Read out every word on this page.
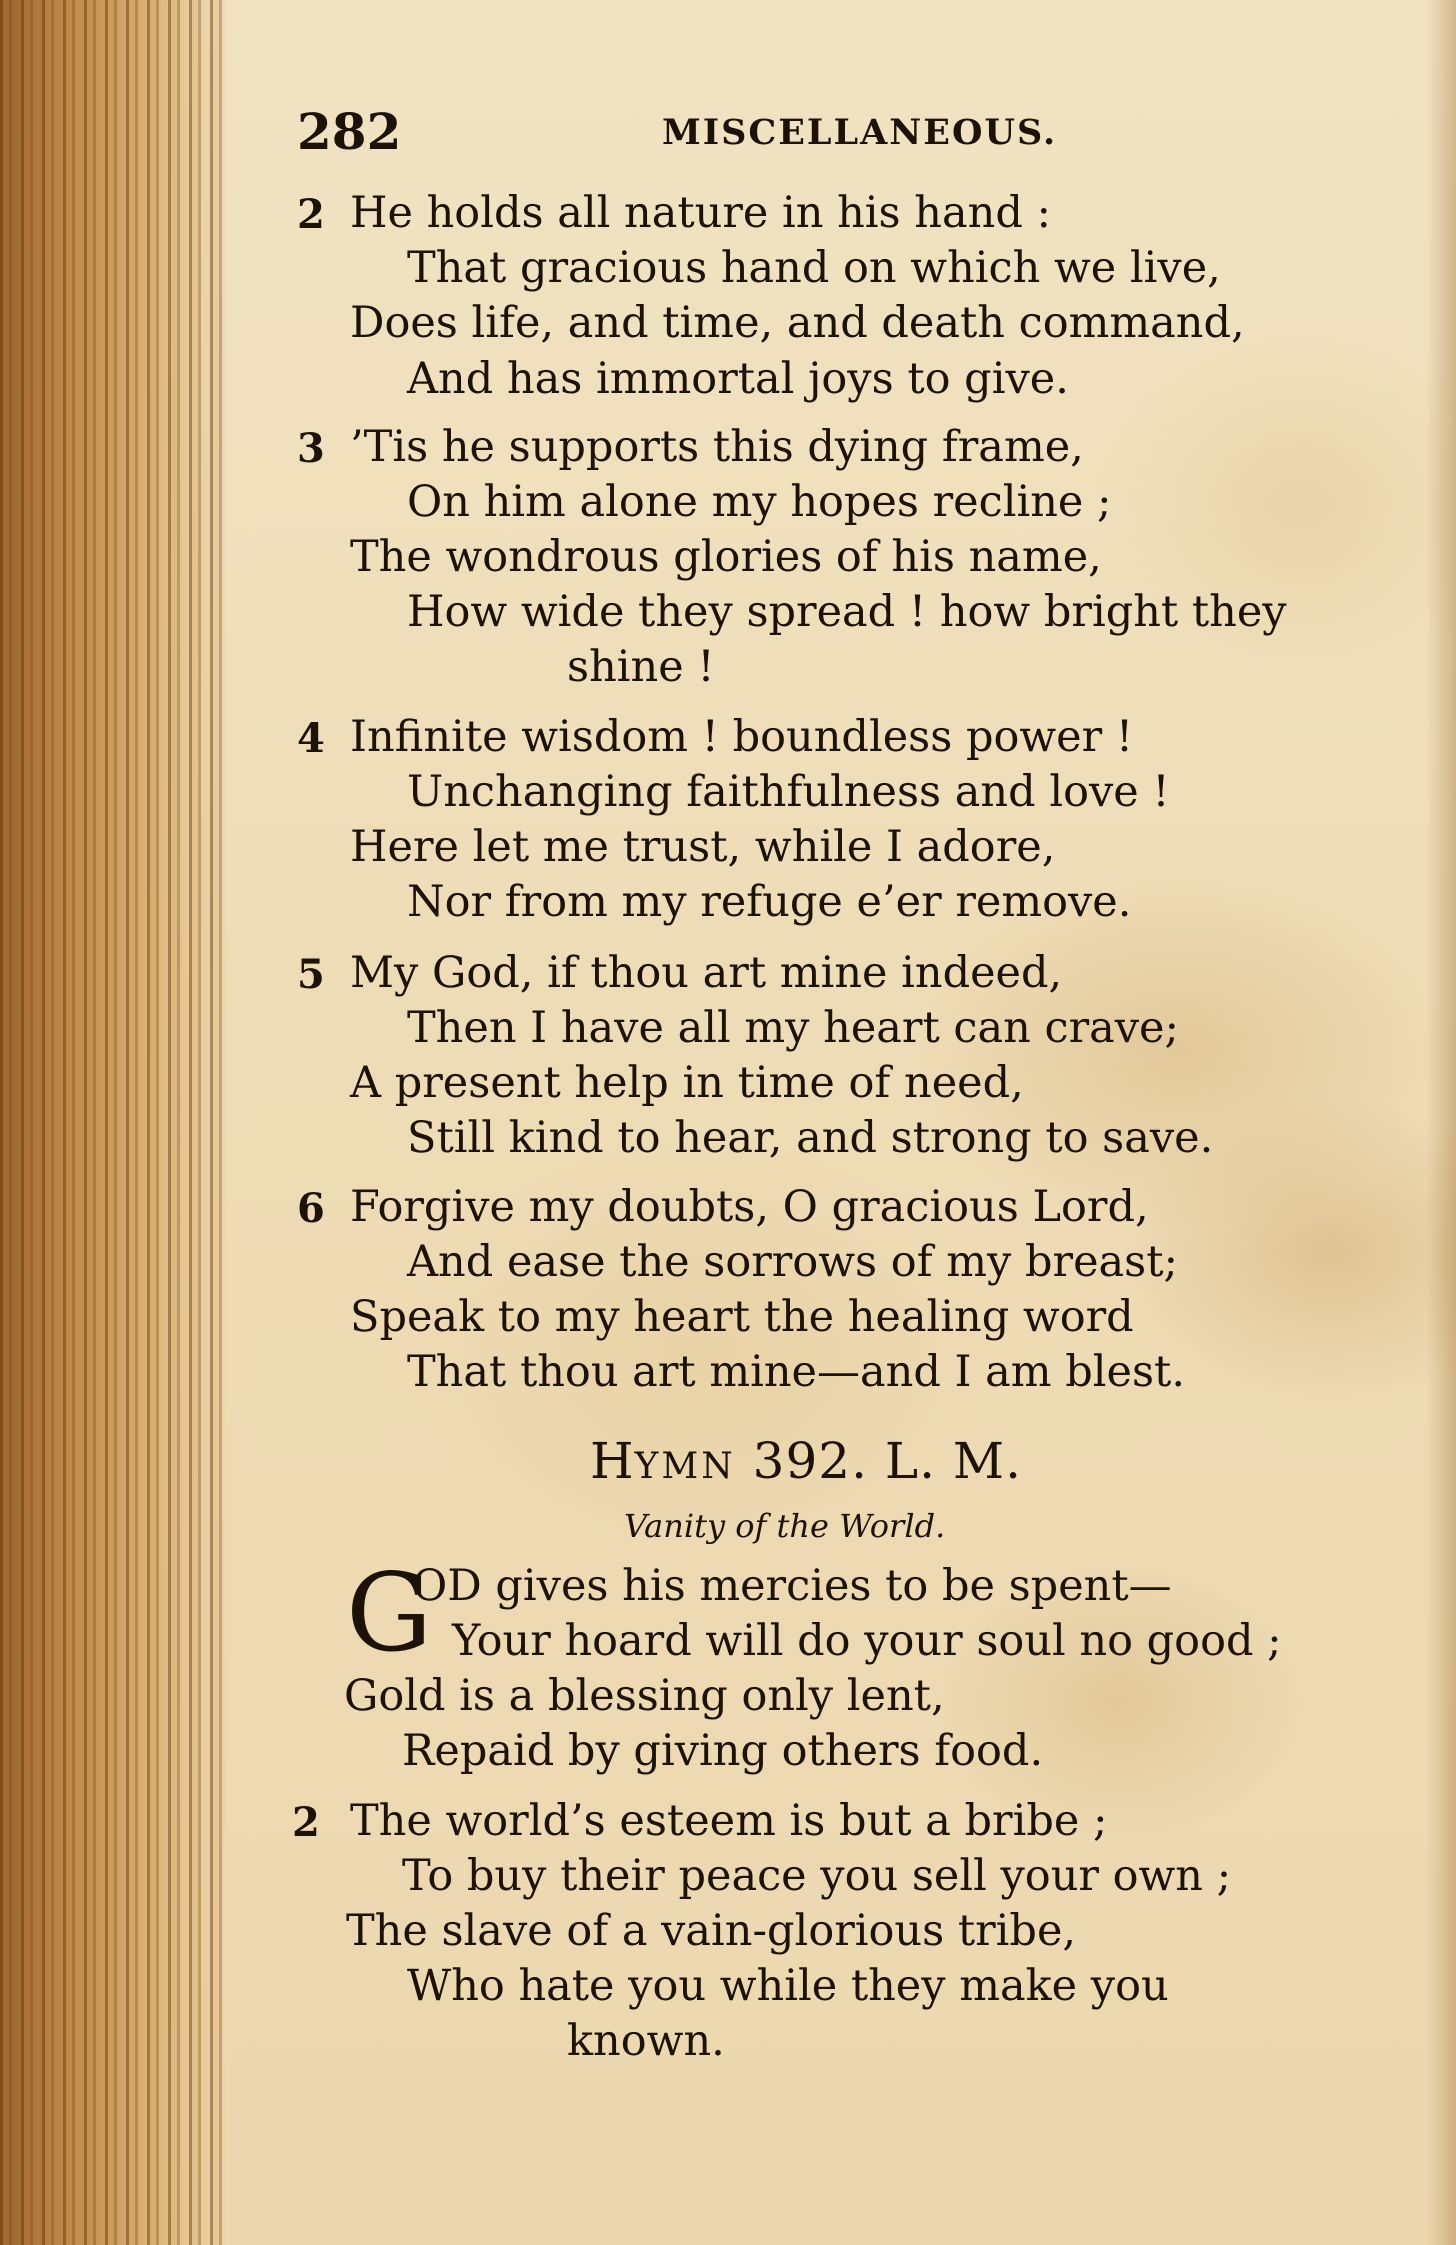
282	MISCELLANEOUS.
2 He holds all nature in his hand :
That gracious hand on which we live,
Does life, and time, and death command,
And has immortal joys to give.
3 ’Tis he supports this dying frame,
On him alone my hopes recline ;
The wondrous glories of his name,
How wide they spread ! how bright they
shine !
4 Infinite wisdom ! boundless power !
Unchanging faithfulness and love !
Here let me trust, while I adore,
Nor from my refuge e’er remove.
5 My God, if thou art mine indeed,
Then I have all my heart can crave;
A present help in time of need,
Still kind to hear, and strong to save.
6 Forgive my doubts, O gracious Lord,
And ease the sorrows of my breast;
Speak to my heart the healing word
That thou art mine—and I am blest.
HYMN 392. L. M.
Vanity of the World.
G
OD gives his mercies to be spent—
Your hoard will do your soul no good ;
Gold is a blessing only lent,
Repaid by giving others food.
2 The world’s esteem is but a bribe ;
To buy their peace you sell your own ;
The slave of a vain-glorious tribe,
Who hate you while they make you
known.
